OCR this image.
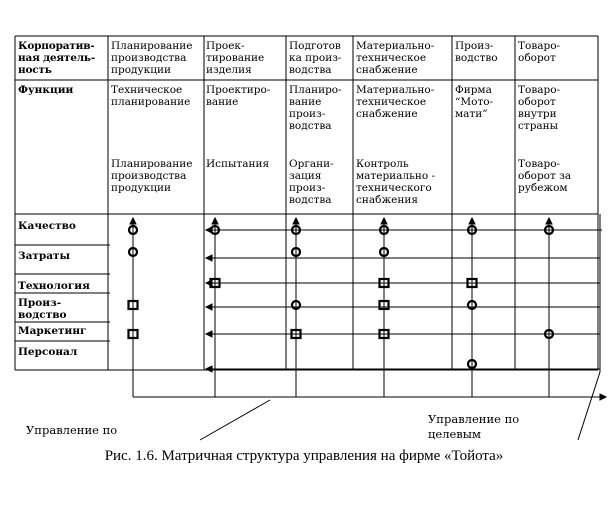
Корпоратив-
ная деятель-
ность
Планирование
производства
продукции
Проек-
тирование
изделия
Подготов
ка произ-
водства
Материально-
техническое
снабжение
Произ-
водство
Товаро-
оборот
Функции	Техническое
планирование
Планирование
производства
продукции
Проектиро-
вание
Испытания
Планиро-
вание
произ-
водства
Органи-
зация
произ-
водства
Материально-
техническое
снабжение
Контроль
материально -
технического
снабжения
Фирма
“Мото-
мати”
Товаро-
оборот
внутри
страны
Товаро-
оборот за
рубежом
Качество
Затраты
Технология
Произ-
водство
Маркетинг
Персонал
Управление по
Управление по
целевым
Рис. 1.6. Матричная структура управления на фирме «Тойота»
